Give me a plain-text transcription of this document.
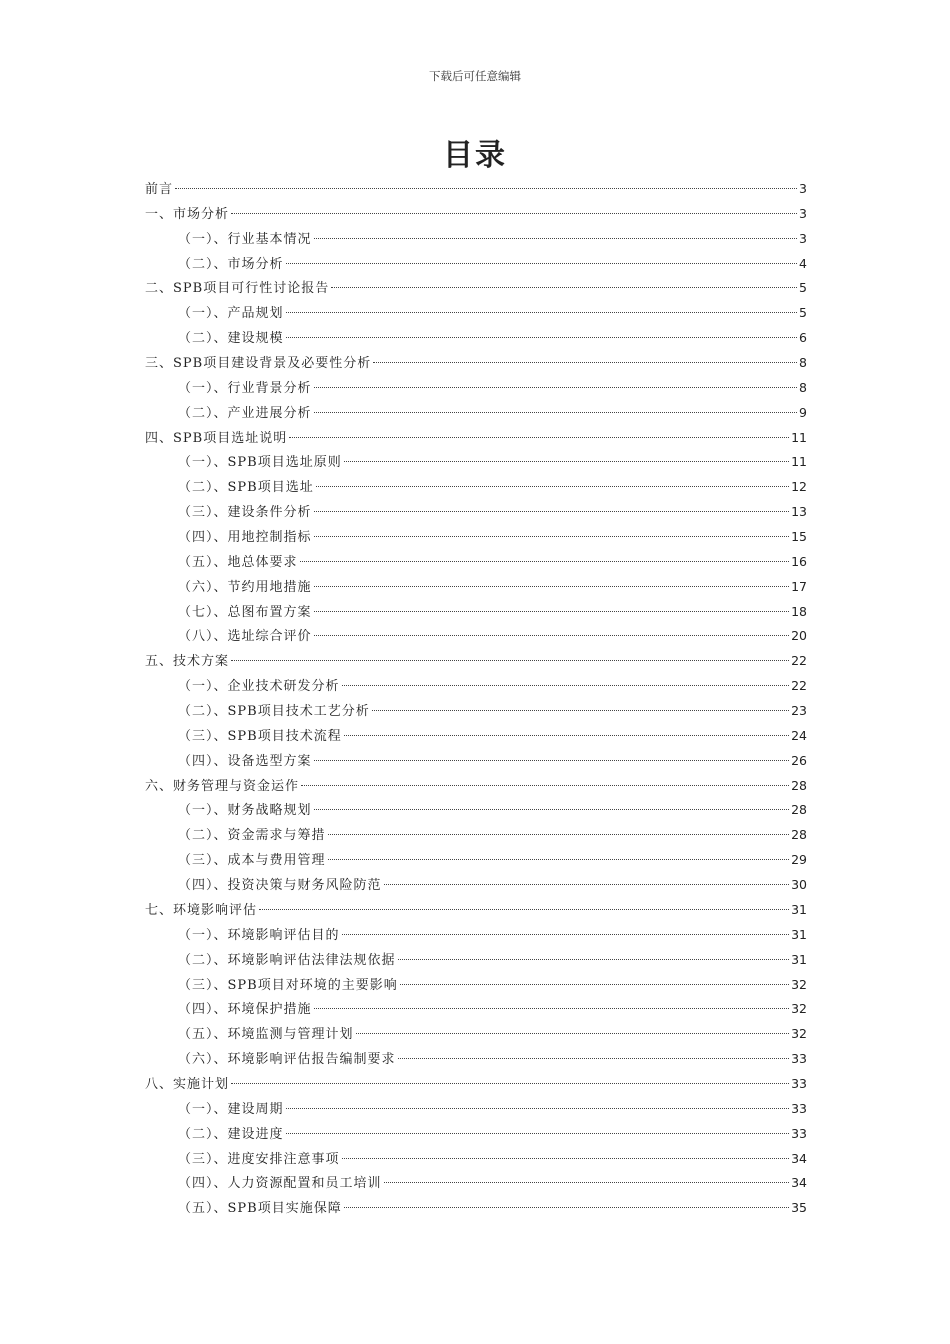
下载后可任意编辑
目录
前言	3
一、市场分析	3
（一）、行业基本情况	3
（二）、市场分析	4
二、SPB项目可行性讨论报告	5
（一）、产品规划	5
（二）、建设规模	6
三、SPB项目建设背景及必要性分析	8
（一）、行业背景分析	8
（二）、产业进展分析	9
四、SPB项目选址说明	11
（一）、SPB项目选址原则	11
（二）、SPB项目选址	12
（三）、建设条件分析	13
（四）、用地控制指标	15
（五）、地总体要求	16
（六）、节约用地措施	17
（七）、总图布置方案	18
（八）、选址综合评价	20
五、技术方案	22
（一）、企业技术研发分析	22
（二）、SPB项目技术工艺分析	23
（三）、SPB项目技术流程	24
（四）、设备选型方案	26
六、财务管理与资金运作	28
（一）、财务战略规划	28
（二）、资金需求与筹措	28
（三）、成本与费用管理	29
（四）、投资决策与财务风险防范	30
七、环境影响评估	31
（一）、环境影响评估目的	31
（二）、环境影响评估法律法规依据	31
（三）、SPB项目对环境的主要影响	32
（四）、环境保护措施	32
（五）、环境监测与管理计划	32
（六）、环境影响评估报告编制要求	33
八、实施计划	33
（一）、建设周期	33
（二）、建设进度	33
（三）、进度安排注意事项	34
（四）、人力资源配置和员工培训	34
（五）、SPB项目实施保障	35
